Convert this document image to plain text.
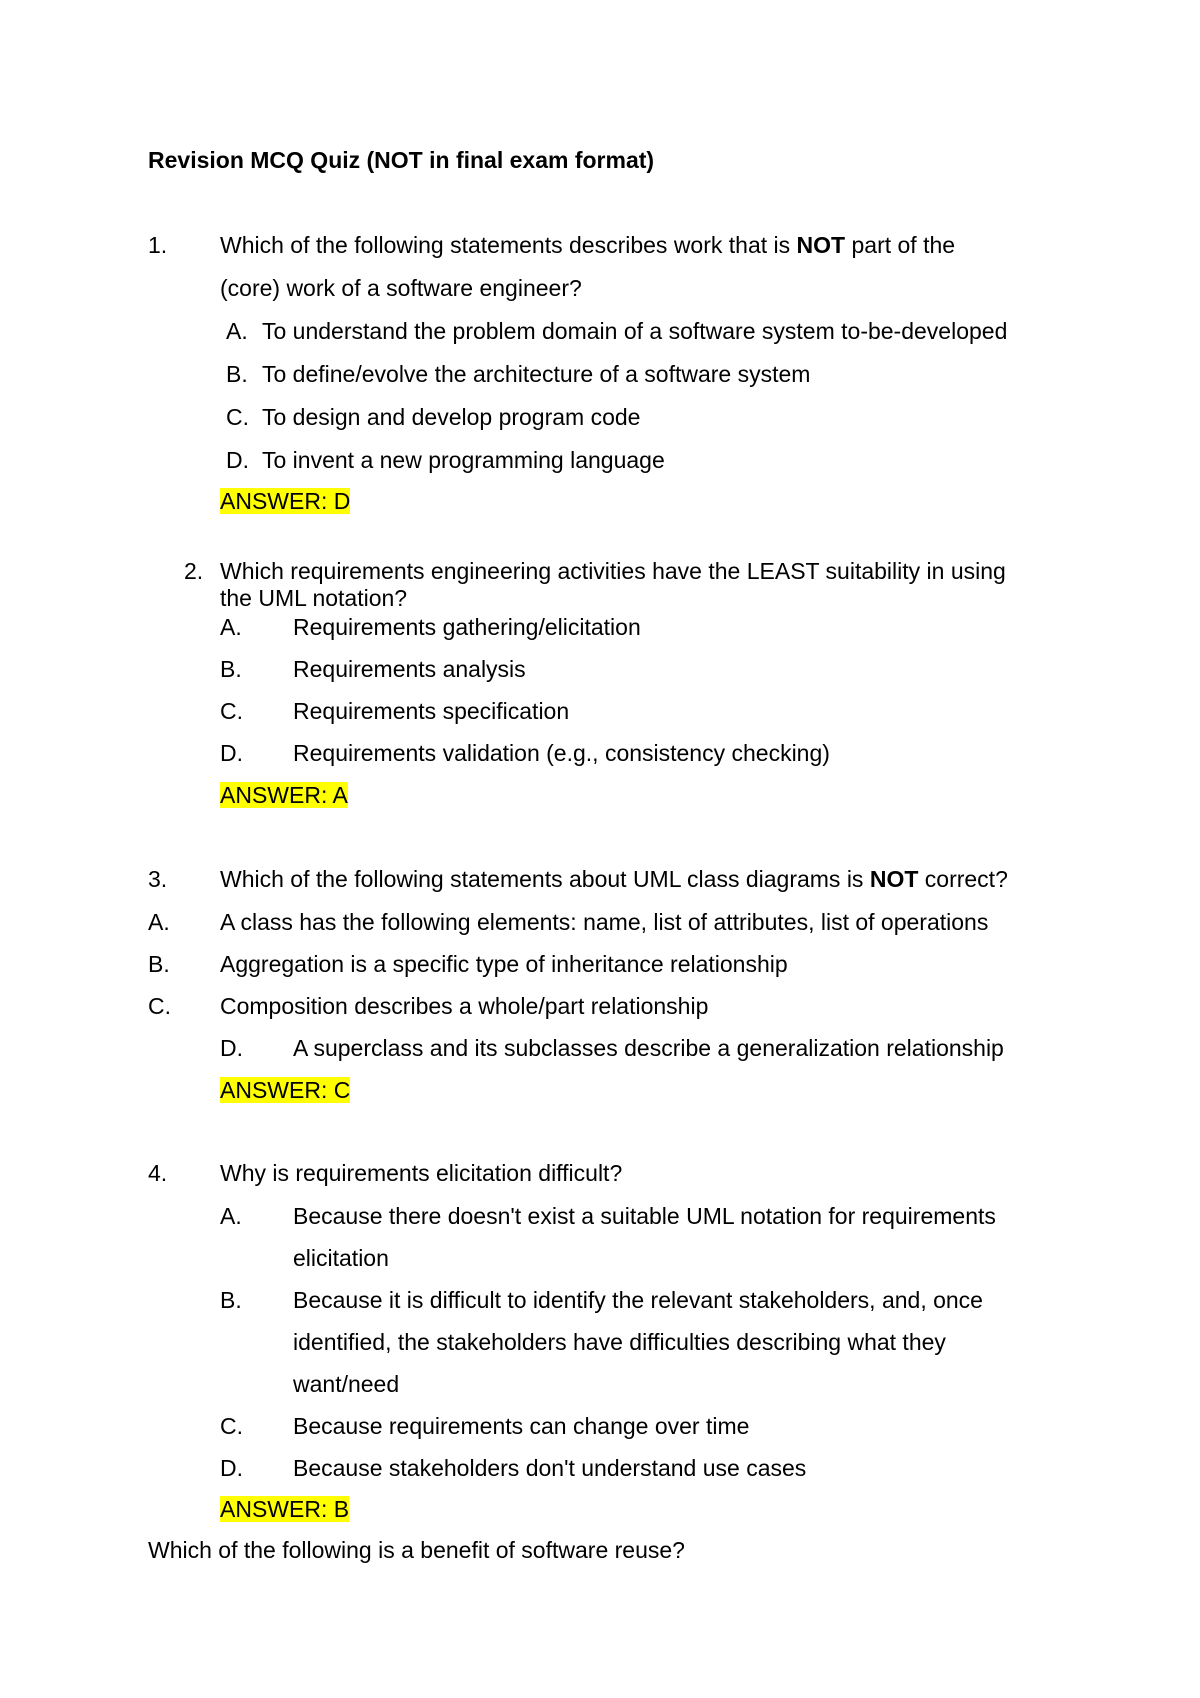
Revision MCQ Quiz (NOT in final exam format)
1. Which of the following statements describes work that is NOT part of the
(core) work of a software engineer?
A. To understand the problem domain of a software system to-be-developed
B. To define/evolve the architecture of a software system
C. To design and develop program code
D. To invent a new programming language
ANSWER: D
2. Which requirements engineering activities have the LEAST suitability in using
the UML notation?
A. Requirements gathering/elicitation
B. Requirements analysis
C. Requirements specification
D. Requirements validation (e.g., consistency checking)
ANSWER: A
3. Which of the following statements about UML class diagrams is NOT correct?
A. A class has the following elements: name, list of attributes, list of operations
B. Aggregation is a specific type of inheritance relationship
C. Composition describes a whole/part relationship
D. A superclass and its subclasses describe a generalization relationship
ANSWER: C
4. Why is requirements elicitation difficult?
A. Because there doesn't exist a suitable UML notation for requirements
elicitation
B. Because it is difficult to identify the relevant stakeholders, and, once
identified, the stakeholders have difficulties describing what they
want/need
C. Because requirements can change over time
D. Because stakeholders don't understand use cases
ANSWER: B
Which of the following is a benefit of software reuse?
